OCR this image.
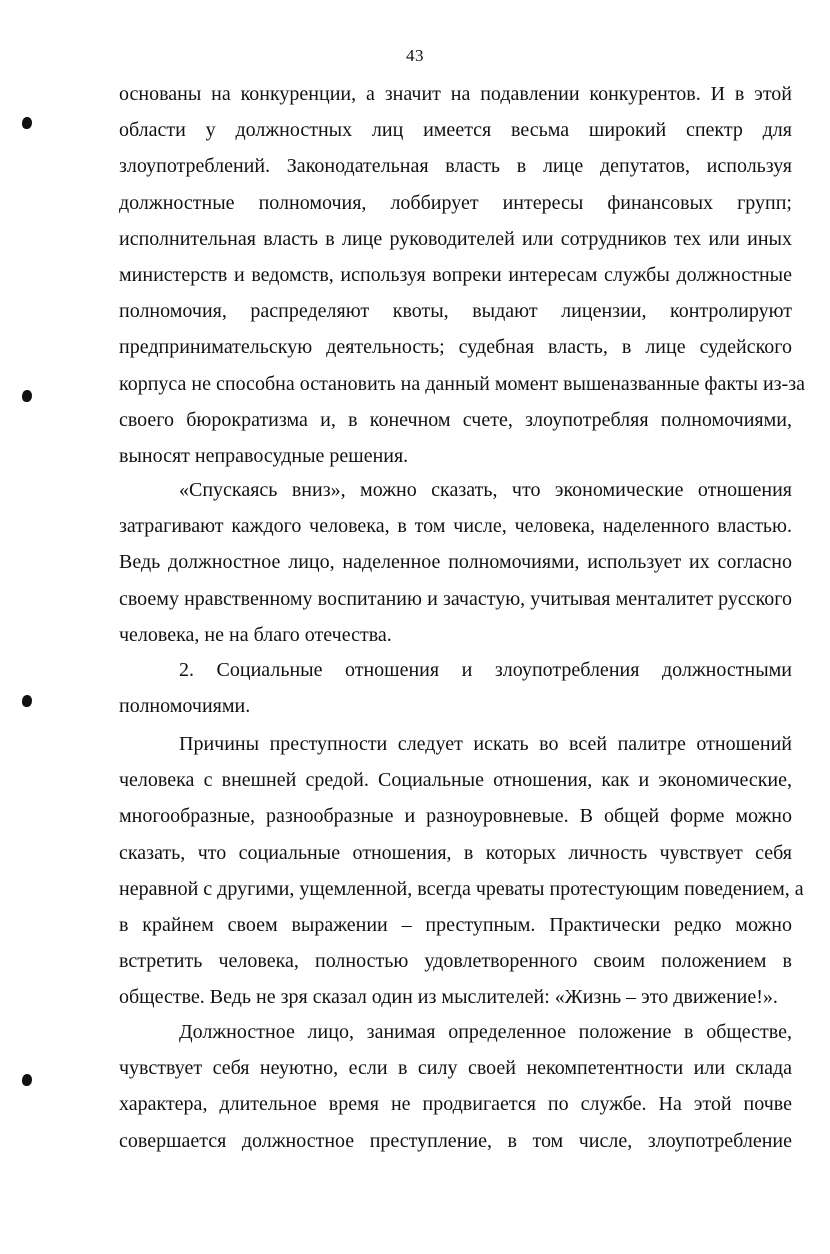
43
основаны на конкуренции, а значит на подавлении конкурентов. И в этой
области у должностных лиц имеется весьма широкий спектр для
злоупотреблений. Законодательная власть в лице депутатов, используя
должностные полномочия, лоббирует интересы финансовых групп;
исполнительная власть в лице руководителей или сотрудников тех или иных
министерств и ведомств, используя вопреки интересам службы должностные
полномочия, распределяют квоты, выдают лицензии, контролируют
предпринимательскую деятельность; судебная власть, в лице судейского
корпуса не способна остановить на данный момент вышеназванные факты из-за
своего бюрократизма и, в конечном счете, злоупотребляя полномочиями,
выносят неправосудные решения.
«Спускаясь вниз», можно сказать, что экономические отношения
затрагивают каждого человека, в том числе, человека, наделенного властью.
Ведь должностное лицо, наделенное полномочиями, использует их согласно
своему нравственному воспитанию и зачастую, учитывая менталитет русского
человека, не на благо отечества.
2. Социальные отношения и злоупотребления должностными
полномочиями.
Причины преступности следует искать во всей палитре отношений
человека с внешней средой. Социальные отношения, как и экономические,
многообразные, разнообразные и разноуровневые. В общей форме можно
сказать, что социальные отношения, в которых личность чувствует себя
неравной с другими, ущемленной, всегда чреваты протестующим поведением, а
в крайнем своем выражении – преступным. Практически редко можно
встретить человека, полностью удовлетворенного своим положением в
обществе. Ведь не зря сказал один из мыслителей: «Жизнь – это движение!».
Должностное лицо, занимая определенное положение в обществе,
чувствует себя неуютно, если в силу своей некомпетентности или склада
характера, длительное время не продвигается по службе. На этой почве
совершается должностное преступление, в том числе, злоупотребление
